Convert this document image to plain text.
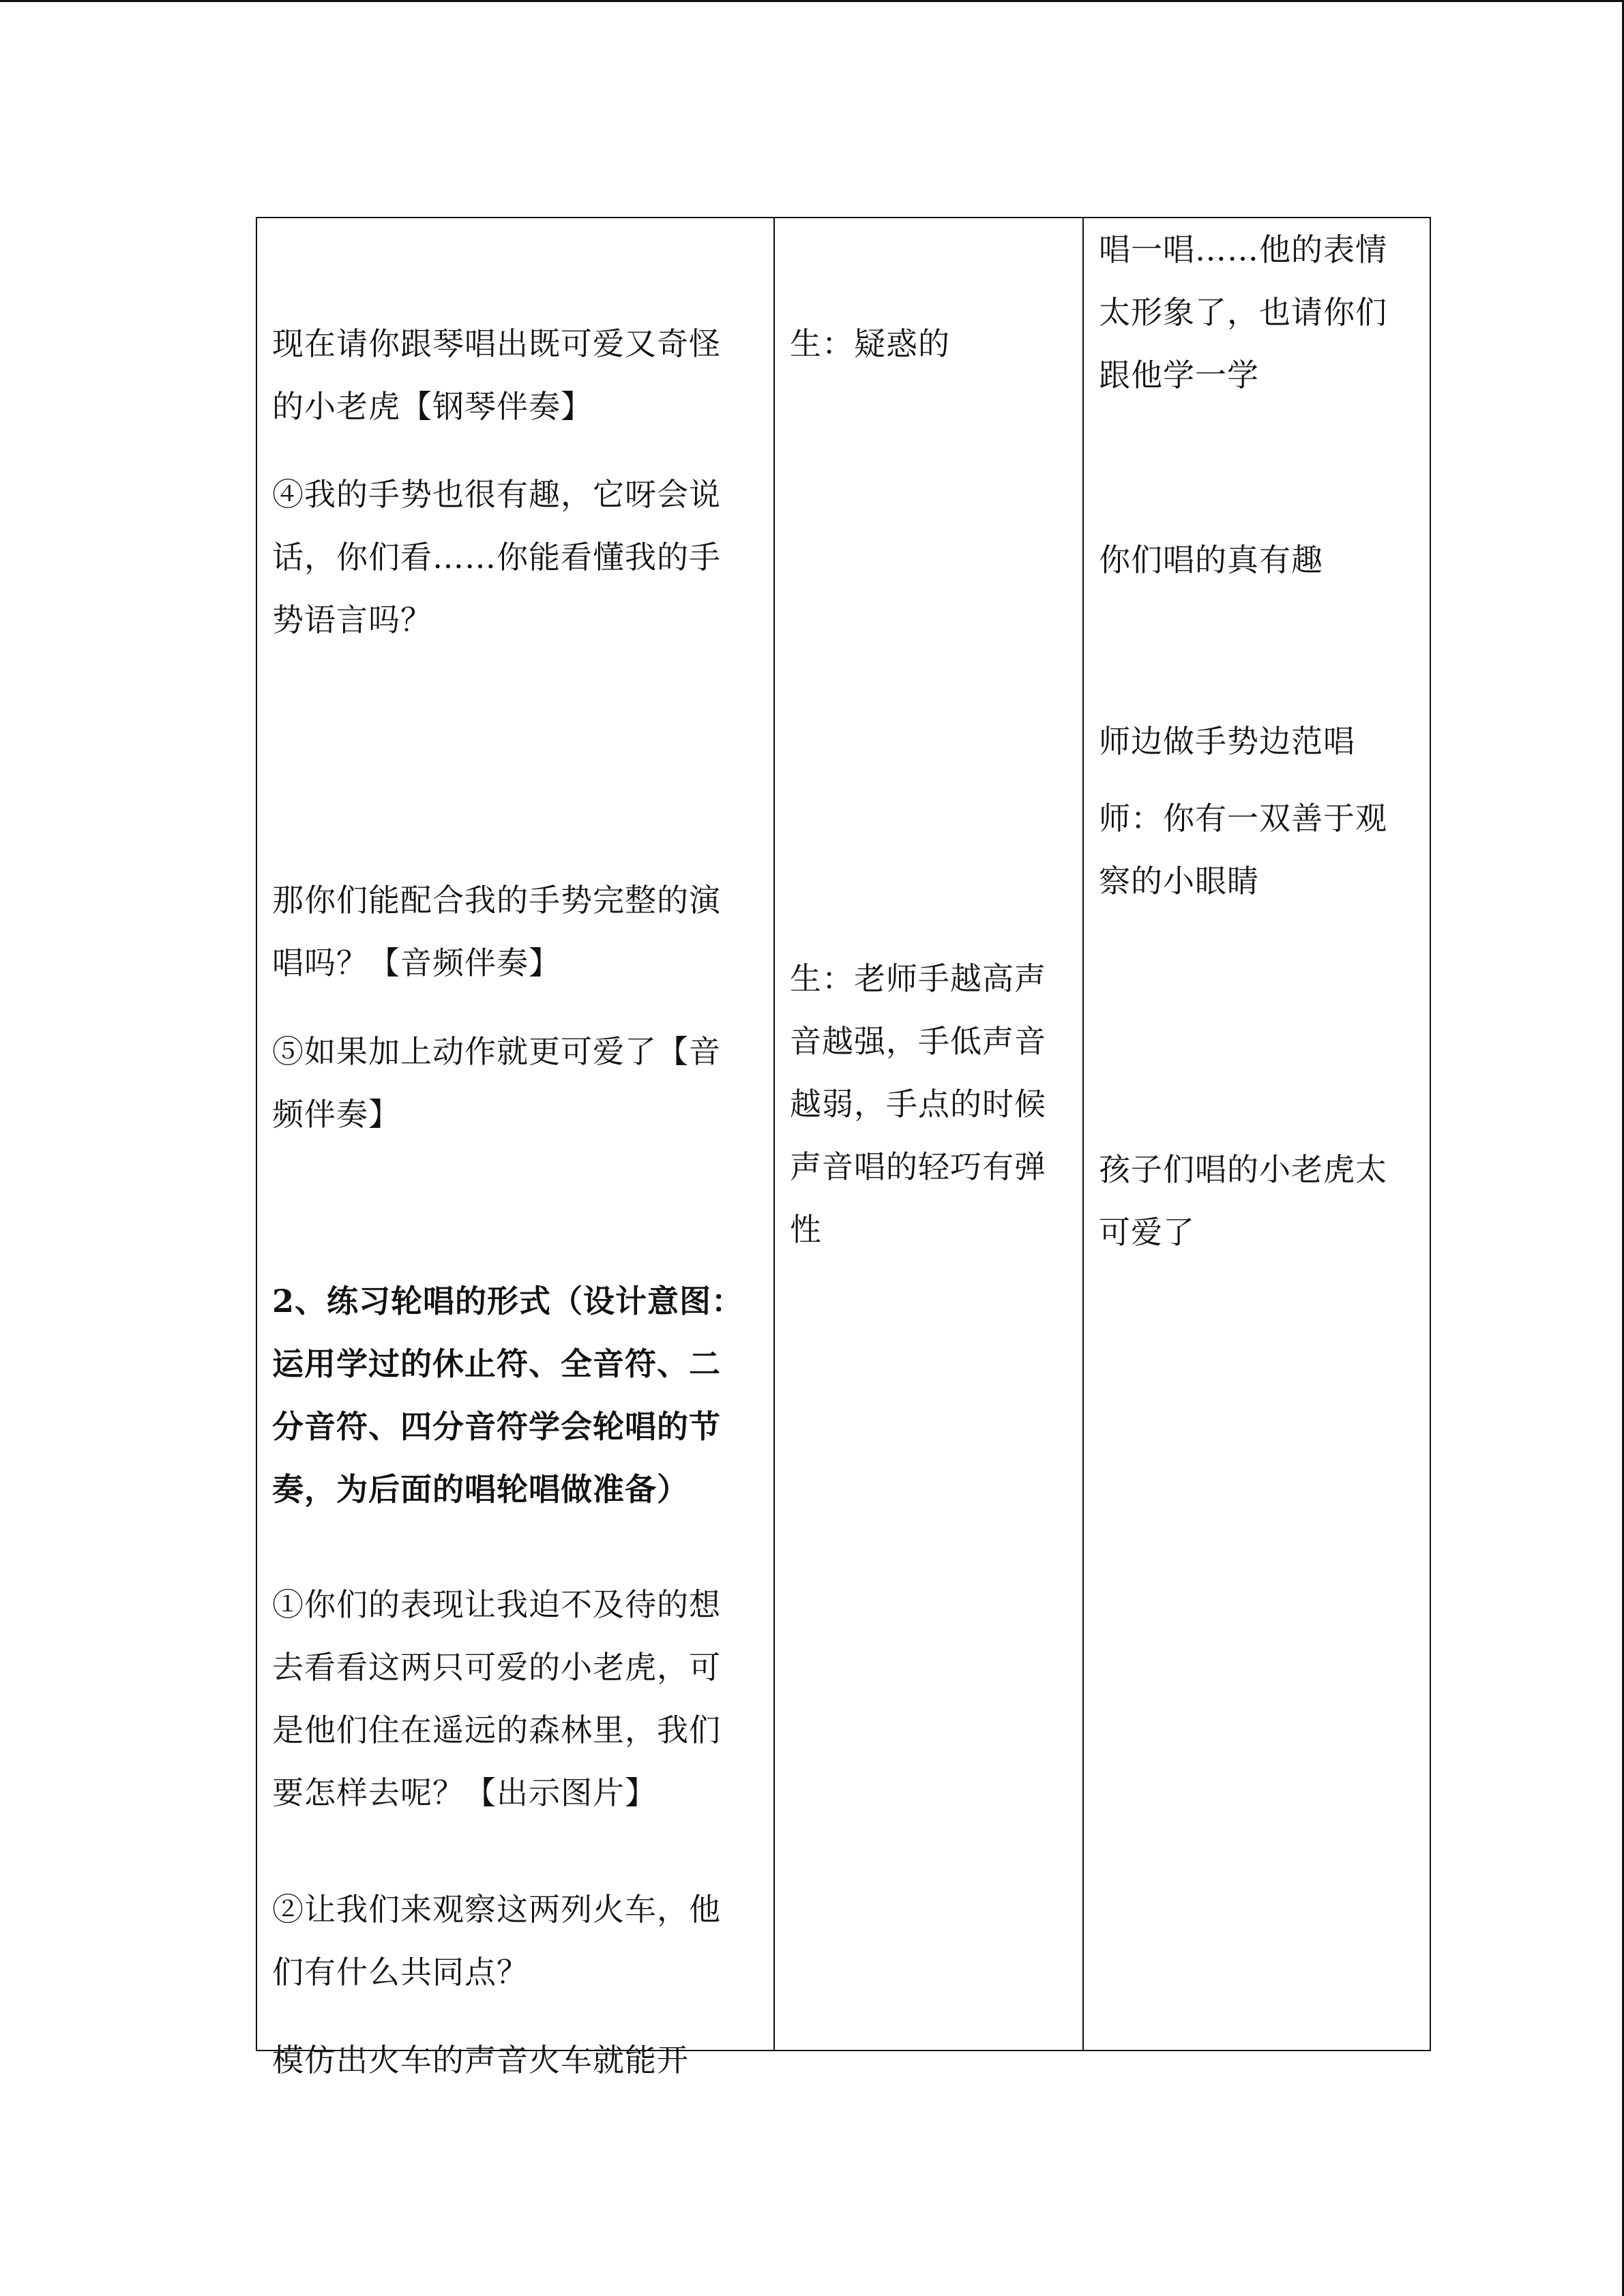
现在请你跟琴唱出既可爱又奇怪
的小老虎【钢琴伴奏】

④我的手势也很有趣，它呀会说
话，你们看……你能看懂我的手
势语言吗？

那你们能配合我的手势完整的演
唱吗？【音频伴奏】

⑤如果加上动作就更可爱了【音
频伴奏】

2、练习轮唱的形式（设计意图：
运用学过的休止符、全音符、二
分音符、四分音符学会轮唱的节
奏，为后面的唱轮唱做准备）

①你们的表现让我迫不及待的想
去看看这两只可爱的小老虎，可
是他们住在遥远的森林里，我们
要怎样去呢？【出示图片】

②让我们来观察这两列火车，他
们有什么共同点？

模仿出火车的声音火车就能开

生：疑惑的

生：老师手越高声
音越强，手低声音
越弱，手点的时候
声音唱的轻巧有弹
性

唱一唱……他的表情
太形象了，也请你们
跟他学一学

你们唱的真有趣

师边做手势边范唱

师：你有一双善于观
察的小眼睛

孩子们唱的小老虎太
可爱了
